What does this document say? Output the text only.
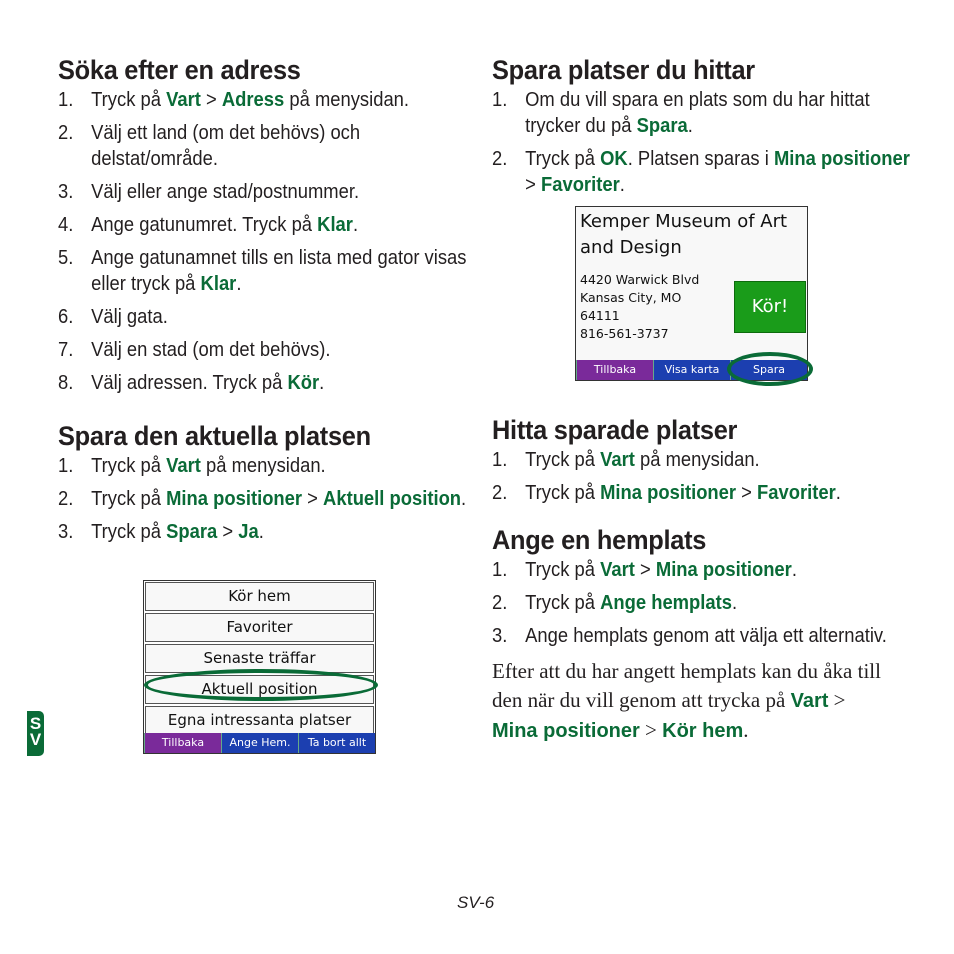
Söka efter en adress
1. Tryck på Vart > Adress på menysidan.
2. Välj ett land (om det behövs) och delstat/område.
3. Välj eller ange stad/postnummer.
4. Ange gatunumret. Tryck på Klar.
5. Ange gatunamnet tills en lista med gator visas eller tryck på Klar.
6. Välj gata.
7. Välj en stad (om det behövs).
8. Välj adressen. Tryck på Kör.
Spara den aktuella platsen
1. Tryck på Vart på menysidan.
2. Tryck på Mina positioner > Aktuell position.
3. Tryck på Spara > Ja.
Kör hem
Favoriter
Senaste träffar
Aktuell position
Egna intressanta platser
Tillbaka	Ange Hem.	Ta bort allt
SV
Spara platser du hittar
1. Om du vill spara en plats som du har hittat trycker du på Spara.
2. Tryck på OK. Platsen sparas i Mina positioner > Favoriter.
Kemper Museum of Art and Design
4420 Warwick Blvd
Kansas City, MO
64111
816-561-3737
Kör!
Tillbaka	Visa karta	Spara
Hitta sparade platser
1. Tryck på Vart på menysidan.
2. Tryck på Mina positioner > Favoriter.
Ange en hemplats
1. Tryck på Vart > Mina positioner.
2. Tryck på Ange hemplats.
3. Ange hemplats genom att välja ett alternativ.
Efter att du har angett hemplats kan du åka till den när du vill genom att trycka på Vart > Mina positioner > Kör hem.
SV-6
